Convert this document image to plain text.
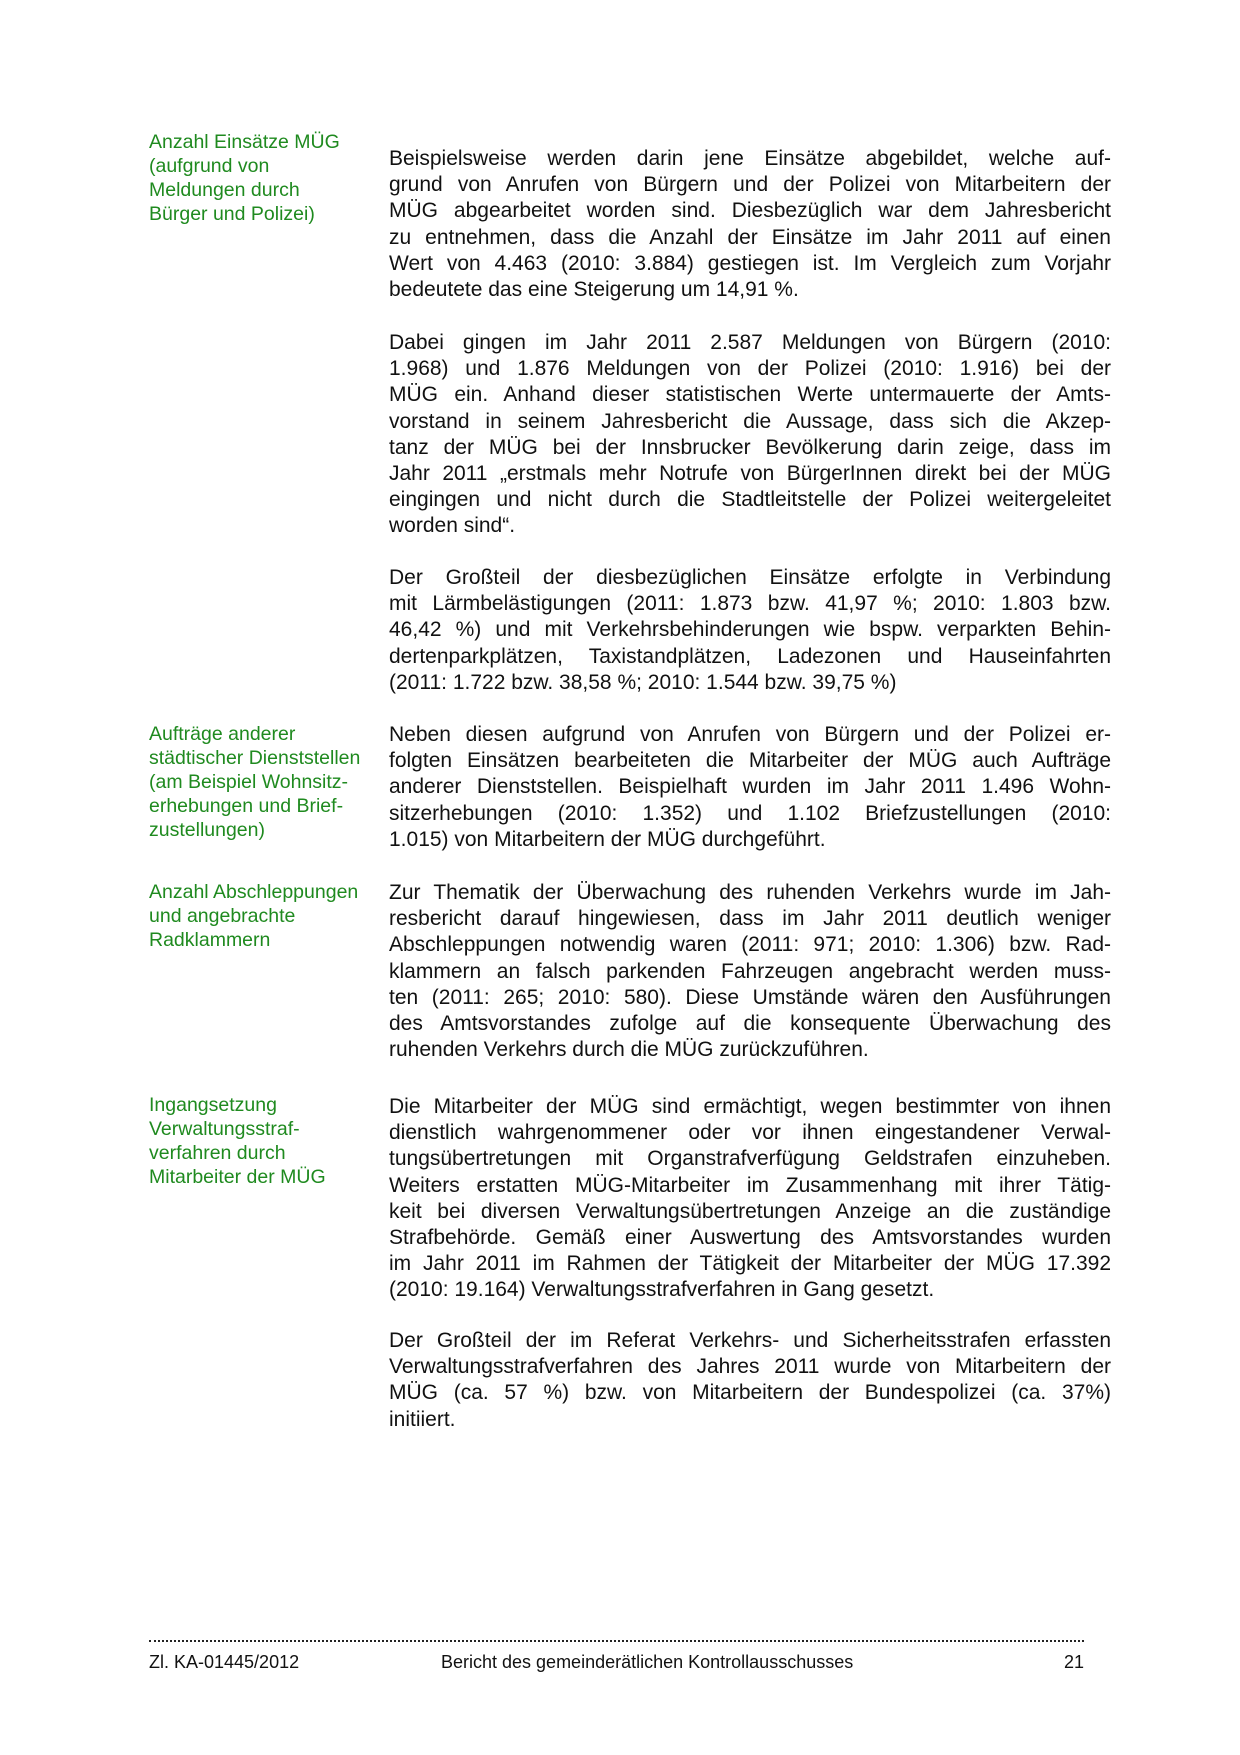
Anzahl Einsätze MÜG
(aufgrund von
Meldungen durch
Bürger und Polizei)
Beispielsweise werden darin jene Einsätze abgebildet, welche auf-
grund von Anrufen von Bürgern und der Polizei von Mitarbeitern der
MÜG abgearbeitet worden sind. Diesbezüglich war dem Jahresbericht
zu entnehmen, dass die Anzahl der Einsätze im Jahr 2011 auf einen
Wert von 4.463 (2010: 3.884) gestiegen ist. Im Vergleich zum Vorjahr
bedeutete das eine Steigerung um 14,91 %.
Dabei gingen im Jahr 2011 2.587 Meldungen von Bürgern (2010:
1.968) und 1.876 Meldungen von der Polizei (2010: 1.916) bei der
MÜG ein. Anhand dieser statistischen Werte untermauerte der Amts-
vorstand in seinem Jahresbericht die Aussage, dass sich die Akzep-
tanz der MÜG bei der Innsbrucker Bevölkerung darin zeige, dass im
Jahr 2011 „erstmals mehr Notrufe von BürgerInnen direkt bei der MÜG
eingingen und nicht durch die Stadtleitstelle der Polizei weitergeleitet
worden sind“.
Der Großteil der diesbezüglichen Einsätze erfolgte in Verbindung
mit Lärmbelästigungen (2011: 1.873 bzw. 41,97 %; 2010: 1.803 bzw.
46,42 %) und mit Verkehrsbehinderungen wie bspw. verparkten Behin-
dertenparkplätzen, Taxistandplätzen, Ladezonen und Hauseinfahrten
(2011: 1.722 bzw. 38,58 %; 2010: 1.544 bzw. 39,75 %)
Aufträge anderer
städtischer Dienststellen
(am Beispiel Wohnsitz-
erhebungen und Brief-
zustellungen)
Neben diesen aufgrund von Anrufen von Bürgern und der Polizei er-
folgten Einsätzen bearbeiteten die Mitarbeiter der MÜG auch Aufträge
anderer Dienststellen. Beispielhaft wurden im Jahr 2011 1.496 Wohn-
sitzerhebungen (2010: 1.352) und 1.102 Briefzustellungen (2010:
1.015) von Mitarbeitern der MÜG durchgeführt.
Anzahl Abschleppungen
und angebrachte
Radklammern
Zur Thematik der Überwachung des ruhenden Verkehrs wurde im Jah-
resbericht darauf hingewiesen, dass im Jahr 2011 deutlich weniger
Abschleppungen notwendig waren (2011: 971; 2010: 1.306) bzw. Rad-
klammern an falsch parkenden Fahrzeugen angebracht werden muss-
ten (2011: 265; 2010: 580). Diese Umstände wären den Ausführungen
des Amtsvorstandes zufolge auf die konsequente Überwachung des
ruhenden Verkehrs durch die MÜG zurückzuführen.
Ingangsetzung
Verwaltungsstraf-
verfahren durch
Mitarbeiter der MÜG
Die Mitarbeiter der MÜG sind ermächtigt, wegen bestimmter von ihnen
dienstlich wahrgenommener oder vor ihnen eingestandener Verwal-
tungsübertretungen mit Organstrafverfügung Geldstrafen einzuheben.
Weiters erstatten MÜG-Mitarbeiter im Zusammenhang mit ihrer Tätig-
keit bei diversen Verwaltungsübertretungen Anzeige an die zuständige
Strafbehörde. Gemäß einer Auswertung des Amtsvorstandes wurden
im Jahr 2011 im Rahmen der Tätigkeit der Mitarbeiter der MÜG 17.392
(2010: 19.164) Verwaltungsstrafverfahren in Gang gesetzt.
Der Großteil der im Referat Verkehrs- und Sicherheitsstrafen erfassten
Verwaltungsstrafverfahren des Jahres 2011 wurde von Mitarbeitern der
MÜG (ca. 57 %) bzw. von Mitarbeitern der Bundespolizei (ca. 37%)
initiiert.
Zl. KA-01445/2012	Bericht des gemeinderätlichen Kontrollausschusses	21
